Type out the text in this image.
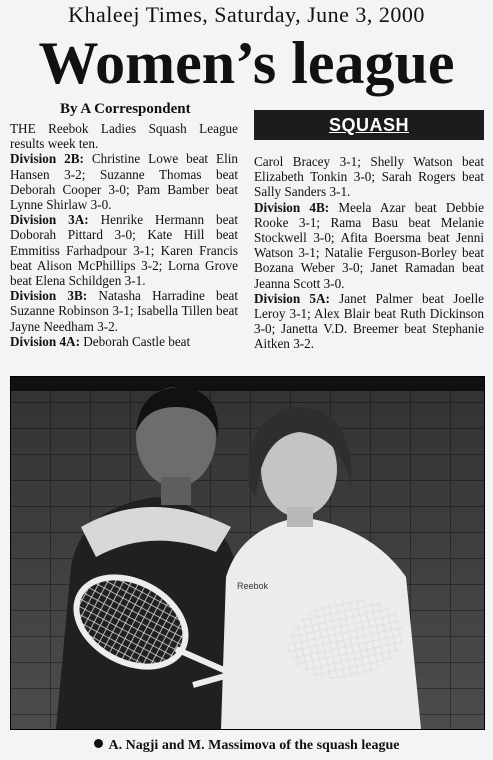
Khaleej Times, Saturday, June 3, 2000
Women’s league
By A Correspondent
SQUASH

THE Reebok Ladies Squash League results week ten.

Division 2B: Christine Lowe beat Elin Hansen 3-2; Suzanne Thomas beat Deborah Cooper 3-0; Pam Bamber beat Lynne Shirlaw 3-0.

Division 3A: Henrike Hermann beat Doborah Pittard 3-0; Kate Hill beat Emmitiss Farhadpour 3-1; Karen Francis beat Alison McPhillips 3-2; Lorna Grove beat Elena Schildgen 3-1.

Division 3B: Natasha Harradine beat Suzanne Robinson 3-1; Isabella Tillen beat Jayne Needham 3-2.

Division 4A: Deborah Castle beat

Carol Bracey 3-1; Shelly Watson beat Elizabeth Tonkin 3-0; Sarah Rogers beat Sally Sanders 3-1.

Division 4B: Meela Azar beat Debbie Rooke 3-1; Rama Basu beat Melanie Stockwell 3-0; Afita Boersma beat Jenni Watson 3-1; Natalie Ferguson-Borley beat Bozana Weber 3-0; Janet Ramadan beat Jeanna Scott 3-0.

Division 5A: Janet Palmer beat Joelle Leroy 3-1; Alex Blair beat Ruth Dickinson 3-0; Janetta V.D. Breemer beat Stephanie Aitken 3-2.

Reebok
A. Nagji and M. Massimova of the squash league
